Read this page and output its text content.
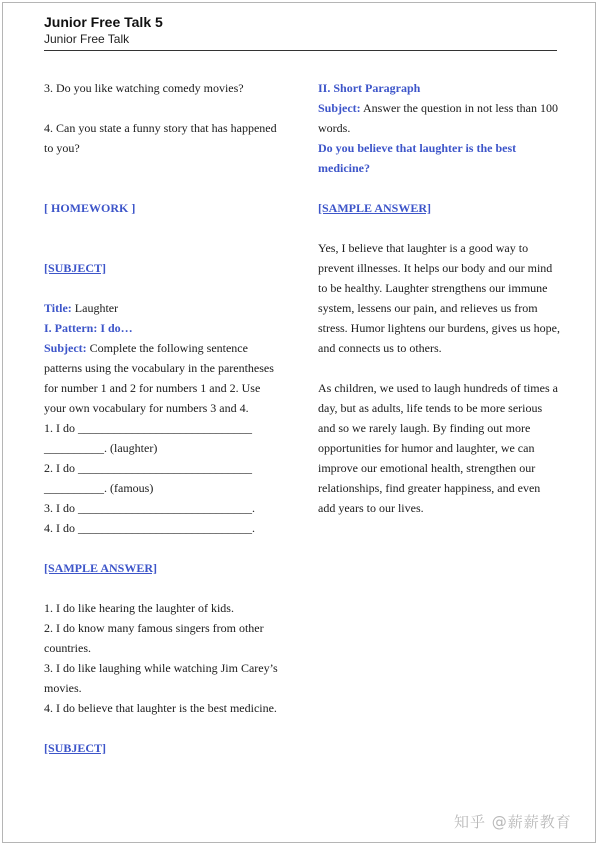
Junior Free Talk 5
Junior Free Talk

3. Do you like watching comedy movies?

4. Can you state a funny story that has happened to you?

[ HOMEWORK ]

[SUBJECT]

Title: Laughter

I. Pattern: I do…

Subject: Complete the following sentence patterns using the vocabulary in the parentheses for number 1 and 2 for numbers 1 and 2. Use your own vocabulary for numbers 3 and 4.

1. I do _____________________________
__________. (laughter)
2. I do _____________________________
__________. (famous)
3. I do _____________________________.
4. I do _____________________________.

[SAMPLE ANSWER]

1. I do like hearing the laughter of kids.

2. I do know many famous singers from other countries.

3. I do like laughing while watching Jim Carey’s movies.

4. I do believe that laughter is the best medicine.

[SUBJECT]

II. Short Paragraph

Subject: Answer the question in not less than 100 words.

Do you believe that laughter is the best medicine?

[SAMPLE ANSWER]

Yes, I believe that laughter is a good way to prevent illnesses. It helps our body and our mind to be healthy. Laughter strengthens our immune system, lessens our pain, and relieves us from stress. Humor lightens our burdens, gives us hope, and connects us to others.

As children, we used to laugh hundreds of times a day, but as adults, life tends to be more serious and so we rarely laugh. By finding out more opportunities for humor and laughter, we can improve our emotional health, strengthen our relationships, find greater happiness, and even add years to our lives.

知乎 @薪薪教育
